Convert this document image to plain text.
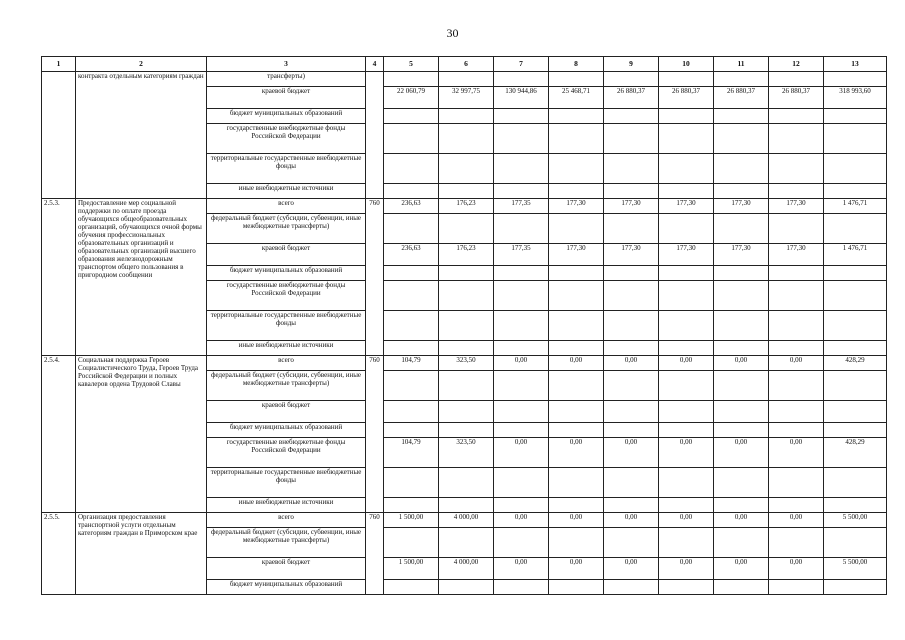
30
1	2	3	4	5	6	7	8	9	10	11	12	13
	контракта отдельным категориям граждан	трансферты)										
		краевой бюджет		22 060,79	32 997,75	130 944,86	25 468,71	26 880,37	26 880,37	26 880,37	26 880,37	318 993,60
		бюджет муниципальных образований										
		государственные внебюджетные фонды Российской Федерации										
		территориальные государственные внебюджетные фонды										
		иные внебюджетные источники										
2.5.3.	Предоставление мер социальной поддержки по оплате проезда обучающихся общеобразовательных организаций, обучающихся очной формы обучения профессиональных образовательных организаций и образовательных организаций высшего образования железнодорожным транспортом общего пользования в пригородном сообщении	всего	760	236,63	176,23	177,35	177,30	177,30	177,30	177,30	177,30	1 476,71
		федеральный бюджет (субсидии, субвенции, иные межбюджетные трансферты)										
		краевой бюджет		236,63	176,23	177,35	177,30	177,30	177,30	177,30	177,30	1 476,71
		бюджет муниципальных образований										
		государственные внебюджетные фонды Российской Федерации										
		территориальные государственные внебюджетные фонды										
		иные внебюджетные источники										
2.5.4.	Социальная поддержка Героев Социалистического Труда, Героев Труда Российской Федерации и полных кавалеров ордена Трудовой Славы	всего	760	104,79	323,50	0,00	0,00	0,00	0,00	0,00	0,00	428,29
		федеральный бюджет (субсидии, субвенции, иные межбюджетные трансферты)										
		краевой бюджет										
		бюджет муниципальных образований										
		государственные внебюджетные фонды Российской Федерации		104,79	323,50	0,00	0,00	0,00	0,00	0,00	0,00	428,29
		территориальные государственные внебюджетные фонды										
		иные внебюджетные источники										
2.5.5.	Организация предоставления транспортной услуги отдельным категориям граждан в Приморском крае	всего	760	1 500,00	4 000,00	0,00	0,00	0,00	0,00	0,00	0,00	5 500,00
		федеральный бюджет (субсидии, субвенции, иные межбюджетные трансферты)										
		краевой бюджет		1 500,00	4 000,00	0,00	0,00	0,00	0,00	0,00	0,00	5 500,00
		бюджет муниципальных образований										
